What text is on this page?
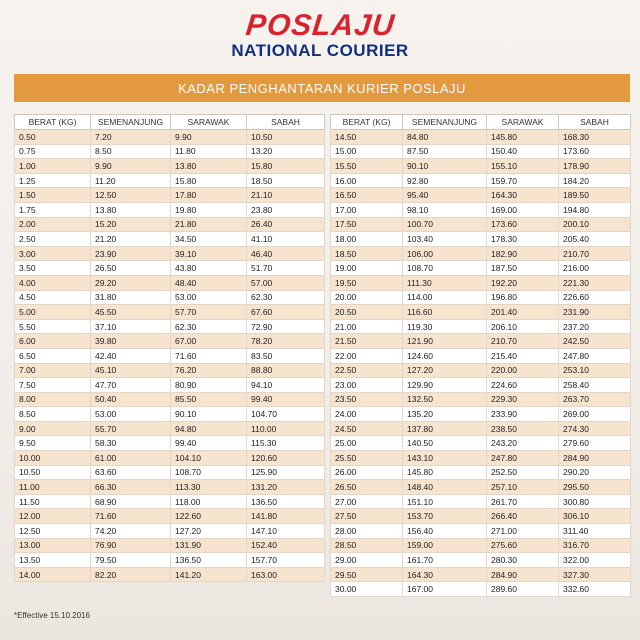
POSLAJU
NATIONAL COURIER
KADAR PENGHANTARAN KURIER POSLAJU
BERAT (KG)	SEMENANJUNG	SARAWAK	SABAH
0.50	7.20	9.90	10.50
0.75	8.50	11.80	13.20
1.00	9.90	13.80	15.80
1.25	11.20	15.80	18.50
1.50	12.50	17.80	21.10
1.75	13.80	19.80	23.80
2.00	15.20	21.80	26.40
2.50	21.20	34.50	41.10
3.00	23.90	39.10	46.40
3.50	26.50	43.80	51.70
4.00	29.20	48.40	57.00
4.50	31.80	53.00	62.30
5.00	45.50	57.70	67.60
5.50	37.10	62.30	72.90
6.00	39.80	67.00	78.20
6.50	42.40	71.60	83.50
7.00	45.10	76.20	88.80
7.50	47.70	80.90	94.10
8.00	50.40	85.50	99.40
8.50	53.00	90.10	104.70
9.00	55.70	94.80	110.00
9.50	58.30	99.40	115.30
10.00	61.00	104.10	120.60
10.50	63.60	108.70	125.90
11.00	66.30	113.30	131.20
11.50	68.90	118.00	136.50
12.00	71.60	122.60	141.80
12.50	74.20	127.20	147.10
13.00	76.90	131.90	152.40
13.50	79.50	136.50	157.70
14.00	82.20	141.20	163.00
BERAT (KG)	SEMENANJUNG	SARAWAK	SABAH
14.50	84.80	145.80	168.30
15.00	87.50	150.40	173.60
15.50	90.10	155.10	178.90
16.00	92.80	159.70	184.20
16.50	95.40	164.30	189.50
17.00	98.10	169.00	194.80
17.50	100.70	173.60	200.10
18.00	103.40	178.30	205.40
18.50	106.00	182.90	210.70
19.00	108.70	187.50	216.00
19.50	111.30	192.20	221.30
20.00	114.00	196.80	226.60
20.50	116.60	201.40	231.90
21.00	119.30	206.10	237.20
21.50	121.90	210.70	242.50
22.00	124.60	215.40	247.80
22.50	127.20	220.00	253.10
23.00	129.90	224.60	258.40
23.50	132.50	229.30	263.70
24.00	135.20	233.90	269.00
24.50	137.80	238.50	274.30
25.00	140.50	243.20	279.60
25.50	143.10	247.80	284.90
26.00	145.80	252.50	290.20
26.50	148.40	257.10	295.50
27.00	151.10	261.70	300.80
27.50	153.70	266.40	306.10
28.00	156.40	271.00	311.40
28.50	159.00	275.60	316.70
29.00	161.70	280.30	322.00
29.50	164.30	284.90	327.30
30.00	167.00	289.60	332.60
*Effective 15.10.2016
